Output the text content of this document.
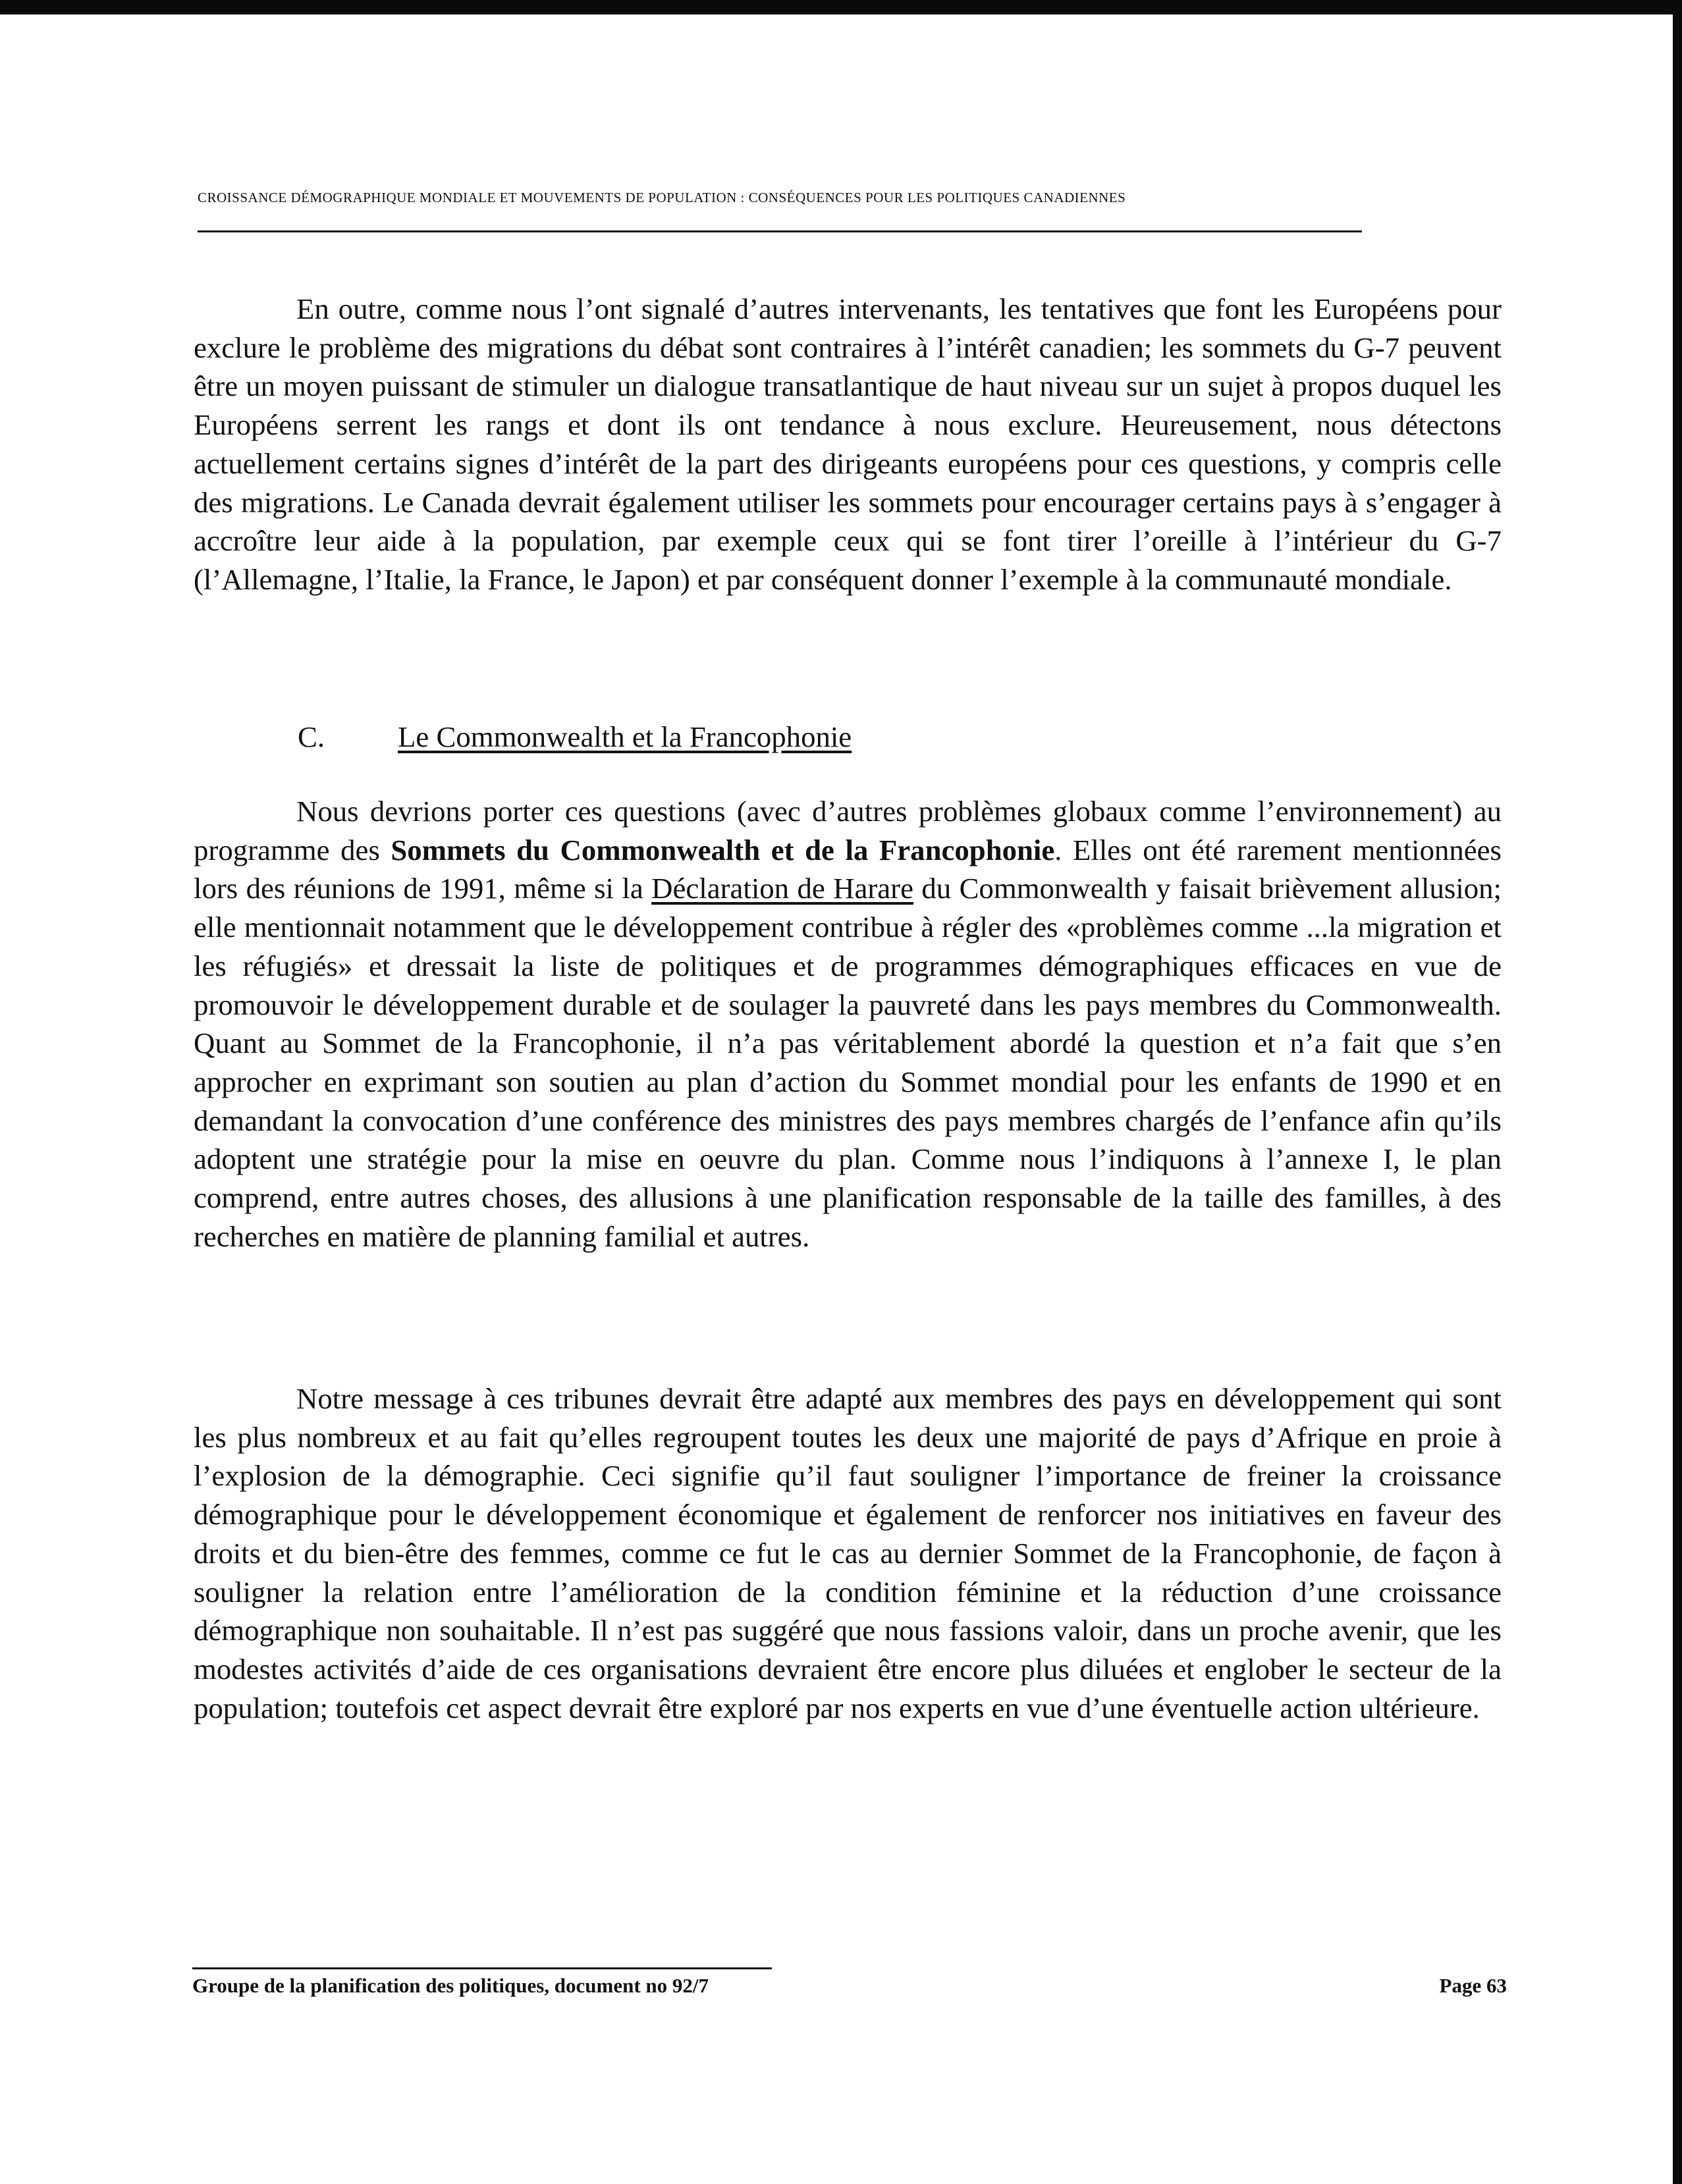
CROISSANCE DÉMOGRAPHIQUE MONDIALE ET MOUVEMENTS DE POPULATION : CONSÉQUENCES POUR LES POLITIQUES CANADIENNES

En outre, comme nous l’ont signalé d’autres intervenants, les tentatives que font les Européens pour exclure le problème des migrations du débat sont contraires à l’intérêt canadien; les sommets du G-7 peuvent être un moyen puissant de stimuler un dialogue transatlantique de haut niveau sur un sujet à propos duquel les Européens serrent les rangs et dont ils ont tendance à nous exclure. Heureusement, nous détectons actuellement certains signes d’intérêt de la part des dirigeants européens pour ces questions, y compris celle des migrations. Le Canada devrait également utiliser les sommets pour encourager certains pays à s’engager à accroître leur aide à la population, par exemple ceux qui se font tirer l’oreille à l’intérieur du G-7 (l’Allemagne, l’Italie, la France, le Japon) et par conséquent donner l’exemple à la communauté mondiale.

C. Le Commonwealth et la Francophonie

Nous devrions porter ces questions (avec d’autres problèmes globaux comme l’environnement) au programme des Sommets du Commonwealth et de la Francophonie. Elles ont été rarement mentionnées lors des réunions de 1991, même si la Déclaration de Harare du Commonwealth y faisait brièvement allusion; elle mentionnait notamment que le développement contribue à régler des «problèmes comme ...la migration et les réfugiés» et dressait la liste de politiques et de programmes démographiques efficaces en vue de promouvoir le développement durable et de soulager la pauvreté dans les pays membres du Commonwealth. Quant au Sommet de la Francophonie, il n’a pas véritablement abordé la question et n’a fait que s’en approcher en exprimant son soutien au plan d’action du Sommet mondial pour les enfants de 1990 et en demandant la convocation d’une conférence des ministres des pays membres chargés de l’enfance afin qu’ils adoptent une stratégie pour la mise en oeuvre du plan. Comme nous l’indiquons à l’annexe I, le plan comprend, entre autres choses, des allusions à une planification responsable de la taille des familles, à des recherches en matière de planning familial et autres.

Notre message à ces tribunes devrait être adapté aux membres des pays en développement qui sont les plus nombreux et au fait qu’elles regroupent toutes les deux une majorité de pays d’Afrique en proie à l’explosion de la démographie. Ceci signifie qu’il faut souligner l’importance de freiner la croissance démographique pour le développement économique et également de renforcer nos initiatives en faveur des droits et du bien-être des femmes, comme ce fut le cas au dernier Sommet de la Francophonie, de façon à souligner la relation entre l’amélioration de la condition féminine et la réduction d’une croissance démographique non souhaitable. Il n’est pas suggéré que nous fassions valoir, dans un proche avenir, que les modestes activités d’aide de ces organisations devraient être encore plus diluées et englober le secteur de la population; toutefois cet aspect devrait être exploré par nos experts en vue d’une éventuelle action ultérieure.

Groupe de la planification des politiques, document no 92/7	Page 63
